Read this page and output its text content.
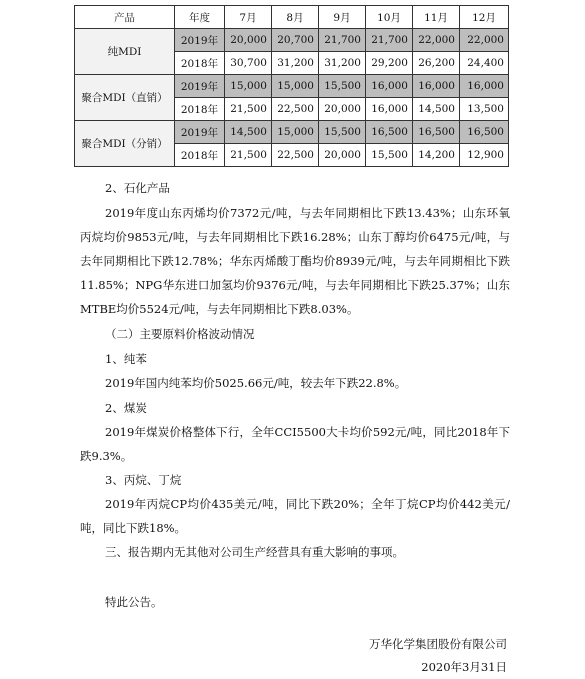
产品	年度	7月	8月	9月	10月	11月	12月
纯MDI	2019年	20,000	20,700	21,700	21,700	22,000	22,000
	2018年	30,700	31,200	31,200	29,200	26,200	24,400
聚合MDI（直销）	2019年	15,000	15,000	15,500	16,000	16,000	16,000
	2018年	21,500	22,500	20,000	16,000	14,500	13,500
聚合MDI（分销）	2019年	14,500	15,000	15,500	16,500	16,500	16,500
	2018年	21,500	22,500	20,000	15,500	14,200	12,900

2、石化产品

2019年度山东丙烯均价7372元/吨，与去年同期相比下跌13.43%；山东环氧丙烷均价9853元/吨，与去年同期相比下跌16.28%；山东丁醇均价6475元/吨，与去年同期相比下跌12.78%；华东丙烯酸丁酯均价8939元/吨，与去年同期相比下跌11.85%；NPG华东进口加氢均价9376元/吨，与去年同期相比下跌25.37%；山东MTBE均价5524元/吨，与去年同期相比下跌8.03%。

（二）主要原料价格波动情况

1、纯苯

2019年国内纯苯均价5025.66元/吨，较去年下跌22.8%。

2、煤炭

2019年煤炭价格整体下行，全年CCI5500大卡均价592元/吨，同比2018年下跌9.3%。

3、丙烷、丁烷

2019年丙烷CP均价435美元/吨，同比下跌20%；全年丁烷CP均价442美元/吨，同比下跌18%。

三、报告期内无其他对公司生产经营具有重大影响的事项。

特此公告。

万华化学集团股份有限公司

2020年3月31日
